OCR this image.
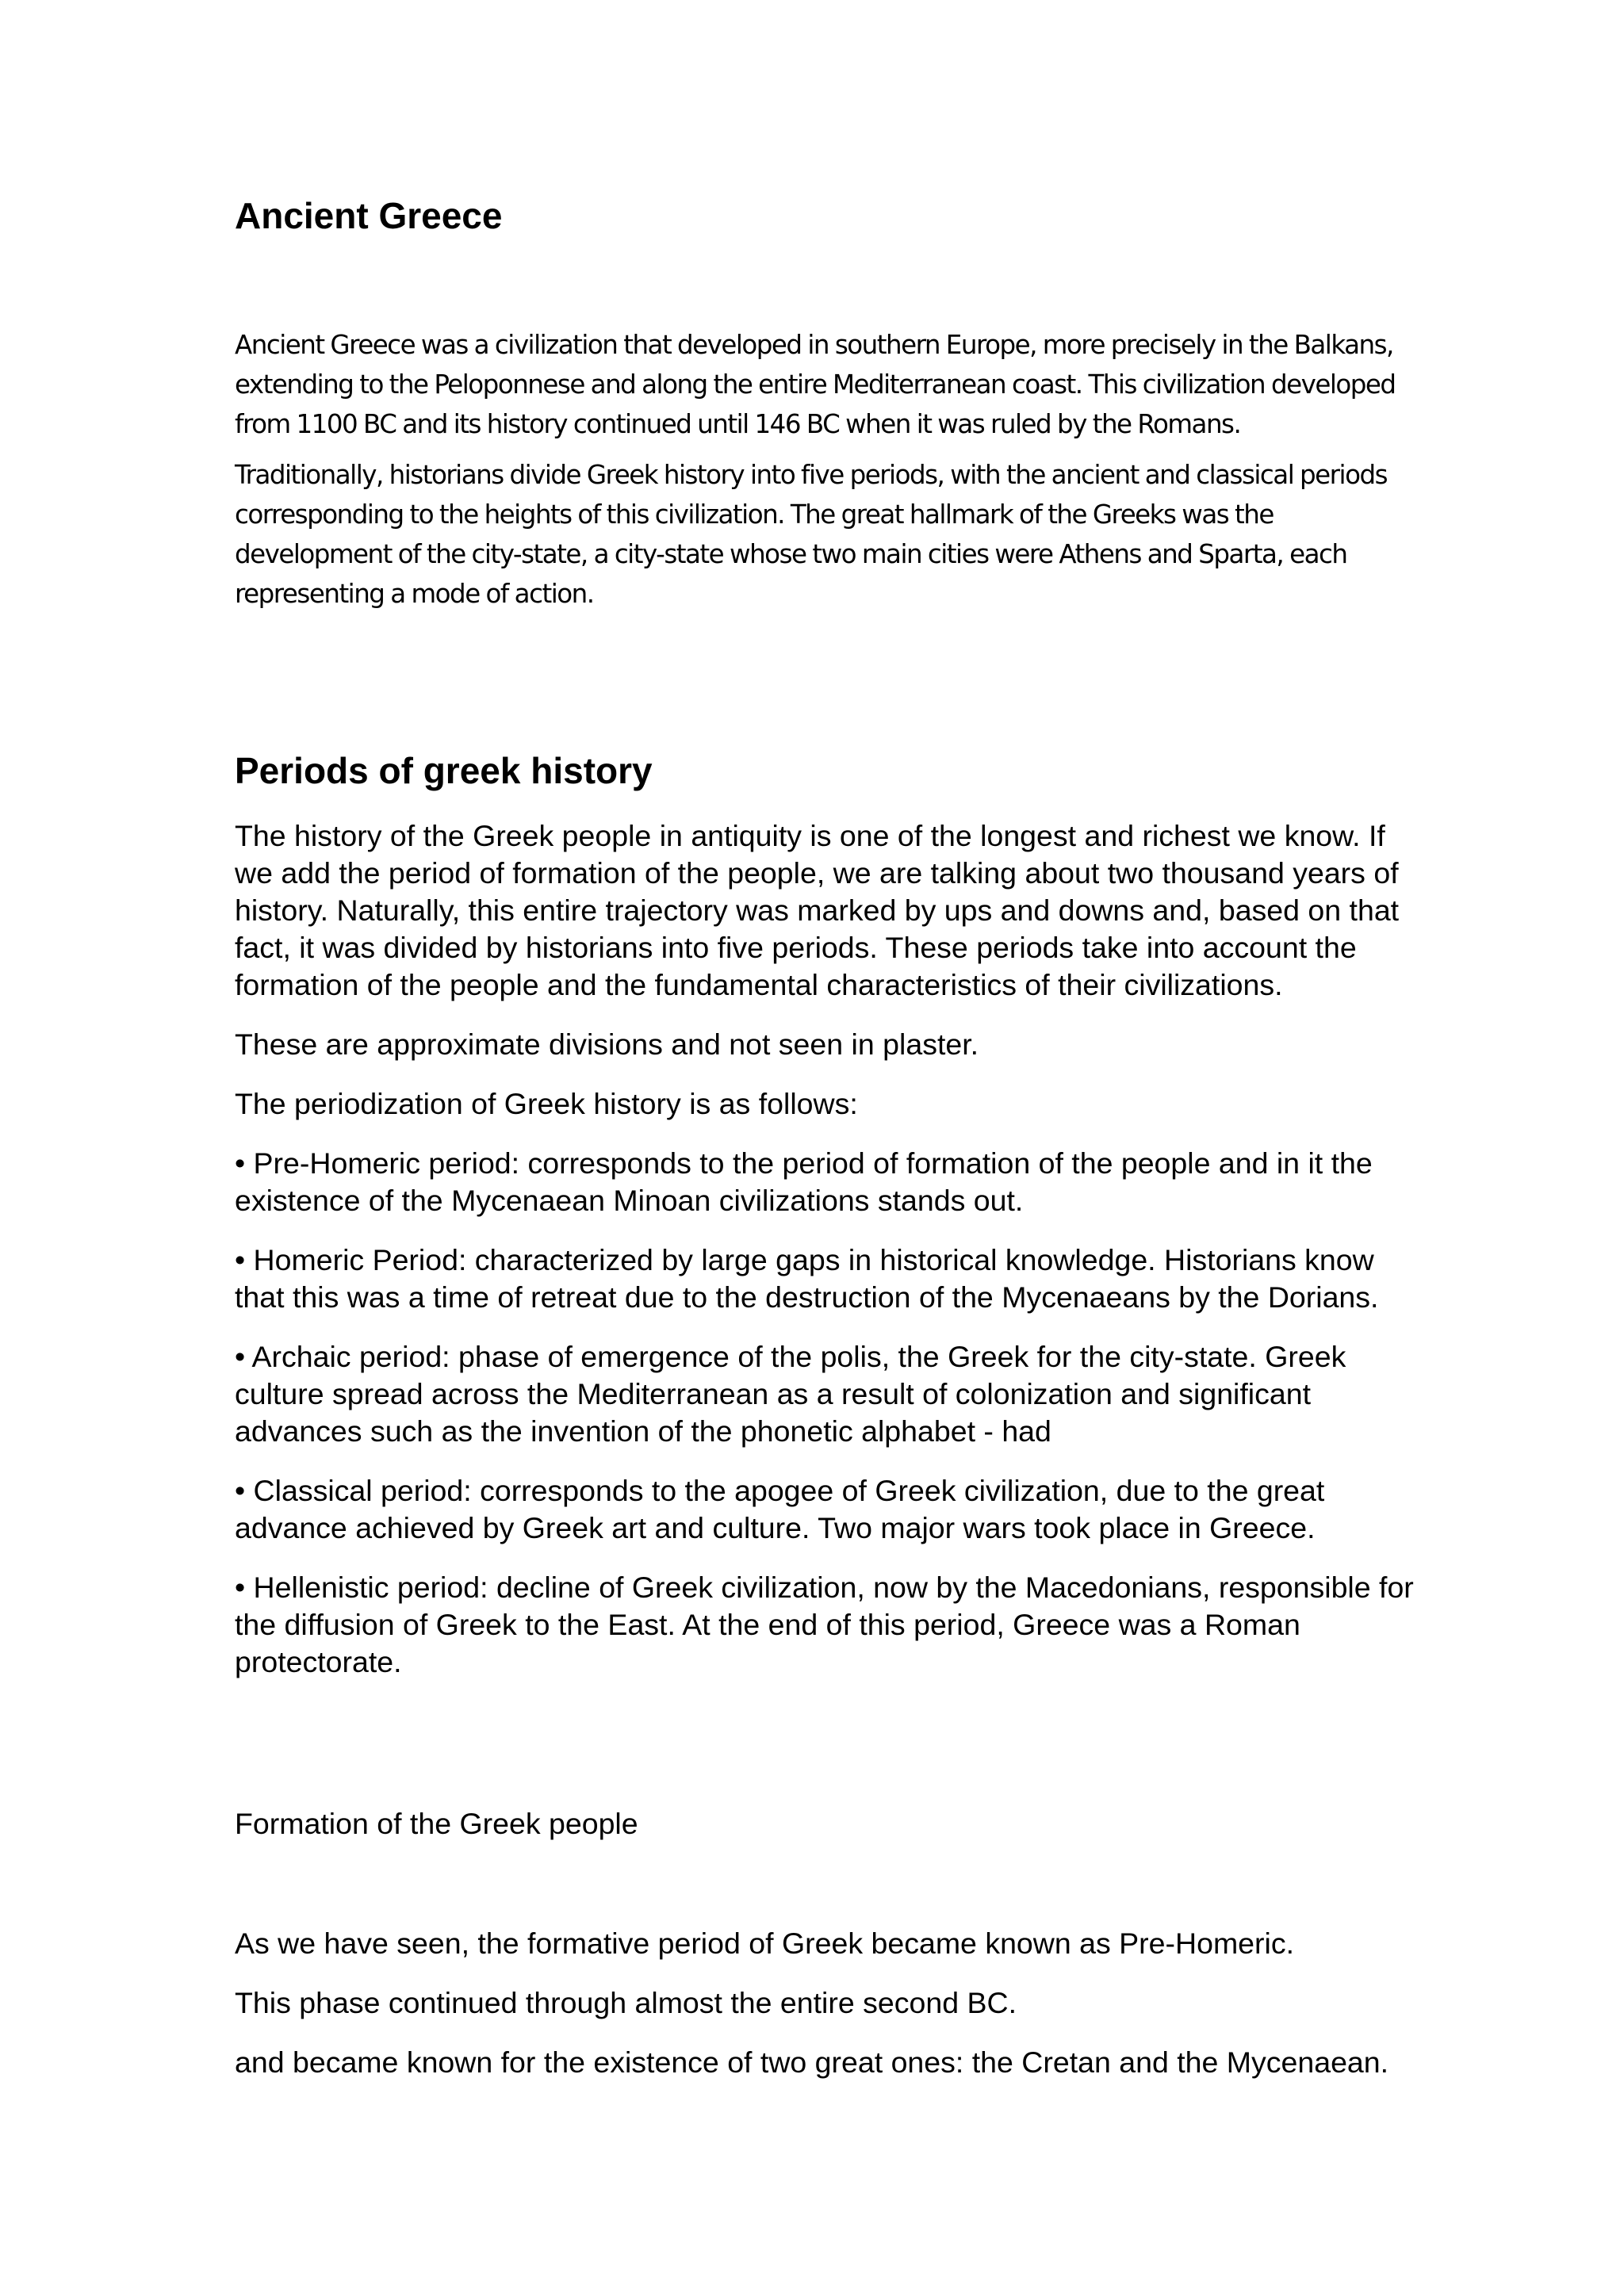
Ancient Greece

Ancient Greece was a civilization that developed in southern Europe, more precisely in the Balkans, extending to the Peloponnese and along the entire Mediterranean coast. This civilization developed from 1100 BC and its history continued until 146 BC when it was ruled by the Romans.

Traditionally, historians divide Greek history into five periods, with the ancient and classical periods corresponding to the heights of this civilization. The great hallmark of the Greeks was the development of the city-state, a city-state whose two main cities were Athens and Sparta, each representing a mode of action.

Periods of greek history

The history of the Greek people in antiquity is one of the longest and richest we know. If we add the period of formation of the people, we are talking about two thousand years of history. Naturally, this entire trajectory was marked by ups and downs and, based on that fact, it was divided by historians into five periods. These periods take into account the formation of the people and the fundamental characteristics of their civilizations.

These are approximate divisions and not seen in plaster.

The periodization of Greek history is as follows:

• Pre-Homeric period: corresponds to the period of formation of the people and in it the existence of the Mycenaean Minoan civilizations stands out.

• Homeric Period: characterized by large gaps in historical knowledge. Historians know that this was a time of retreat due to the destruction of the Mycenaeans by the Dorians.

• Archaic period: phase of emergence of the polis, the Greek for the city-state. Greek culture spread across the Mediterranean as a result of colonization and significant advances such as the invention of the phonetic alphabet - had

• Classical period: corresponds to the apogee of Greek civilization, due to the great advance achieved by Greek art and culture. Two major wars took place in Greece.

• Hellenistic period: decline of Greek civilization, now by the Macedonians, responsible for the diffusion of Greek to the East. At the end of this period, Greece was a Roman protectorate.

Formation of the Greek people

As we have seen, the formative period of Greek became known as Pre-Homeric.

This phase continued through almost the entire second BC.

and became known for the existence of two great ones: the Cretan and the Mycenaean.
